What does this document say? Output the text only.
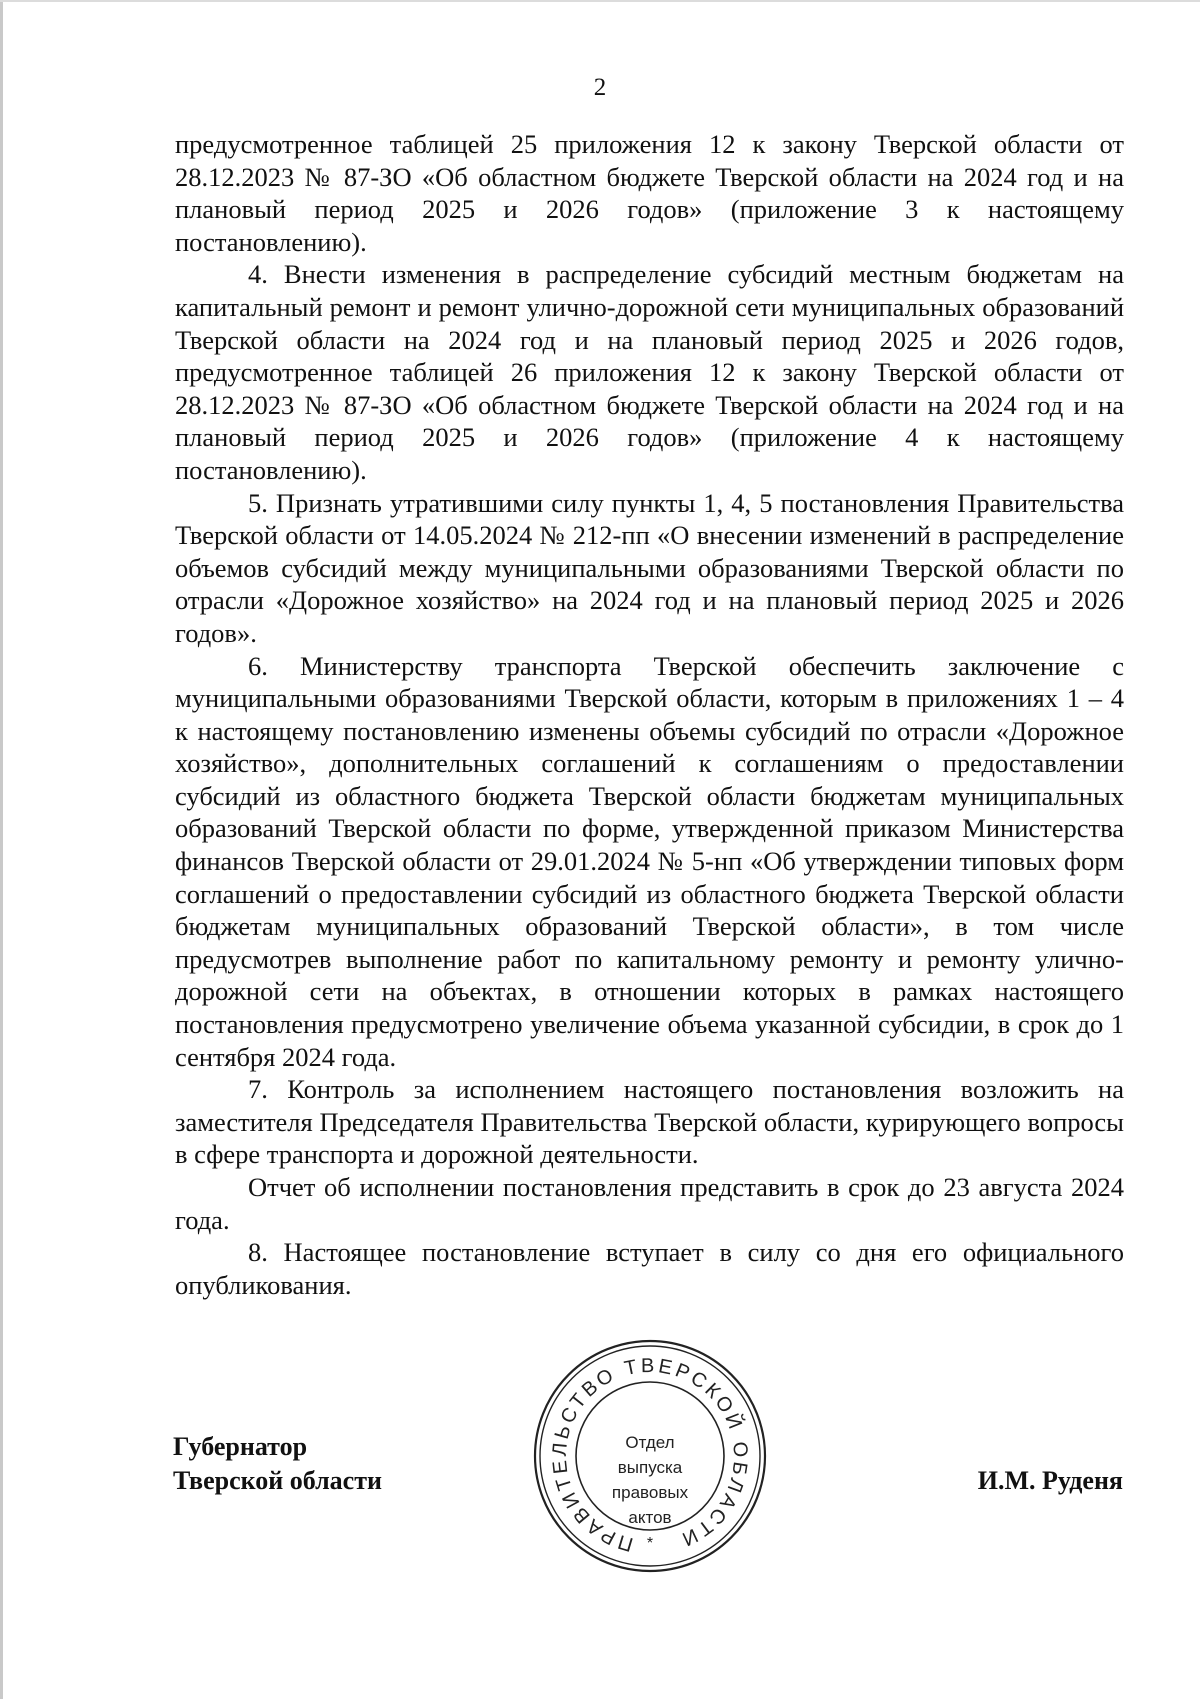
2

предусмотренное таблицей 25 приложения 12 к закону Тверской области от 28.12.2023 № 87-ЗО «Об областном бюджете Тверской области на 2024 год и на плановый период 2025 и 2026 годов» (приложение 3 к настоящему постановлению).

4. Внести изменения в распределение субсидий местным бюджетам на капитальный ремонт и ремонт улично-дорожной сети муниципальных образований Тверской области на 2024 год и на плановый период 2025 и 2026 годов, предусмотренное таблицей 26 приложения 12 к закону Тверской области от 28.12.2023 № 87-ЗО «Об областном бюджете Тверской области на 2024 год и на плановый период 2025 и 2026 годов» (приложение 4 к настоящему постановлению).

5. Признать утратившими силу пункты 1, 4, 5 постановления Правительства Тверской области от 14.05.2024 № 212-пп «О внесении изменений в распределение объемов субсидий между муниципальными образованиями Тверской области по отрасли «Дорожное хозяйство» на 2024 год и на плановый период 2025 и 2026 годов».

6. Министерству транспорта Тверской обеспечить заключение с муниципальными образованиями Тверской области, которым в приложениях 1 – 4 к настоящему постановлению изменены объемы субсидий по отрасли «Дорожное хозяйство», дополнительных соглашений к соглашениям о предоставлении субсидий из областного бюджета Тверской области бюджетам муниципальных образований Тверской области по форме, утвержденной приказом Министерства финансов Тверской области от 29.01.2024 № 5-нп «Об утверждении типовых форм соглашений о предоставлении субсидий из областного бюджета Тверской области бюджетам муниципальных образований Тверской области», в том числе предусмотрев выполнение работ по капитальному ремонту и ремонту улично-дорожной сети на объектах, в отношении которых в рамках настоящего постановления предусмотрено увеличение объема указанной субсидии, в срок до 1 сентября 2024 года.

7. Контроль за исполнением настоящего постановления возложить на заместителя Председателя Правительства Тверской области, курирующего вопросы в сфере транспорта и дорожной деятельности.

Отчет об исполнении постановления представить в срок до 23 августа 2024 года.

8. Настоящее постановление вступает в силу со дня его официального опубликования.

Губернатор
Тверской области	И.М. Руденя
ПРАВИТЕЛЬСТВО ТВЕРСКОЙ ОБЛАСТИ
*
Отдел
выпуска
правовых
актов
